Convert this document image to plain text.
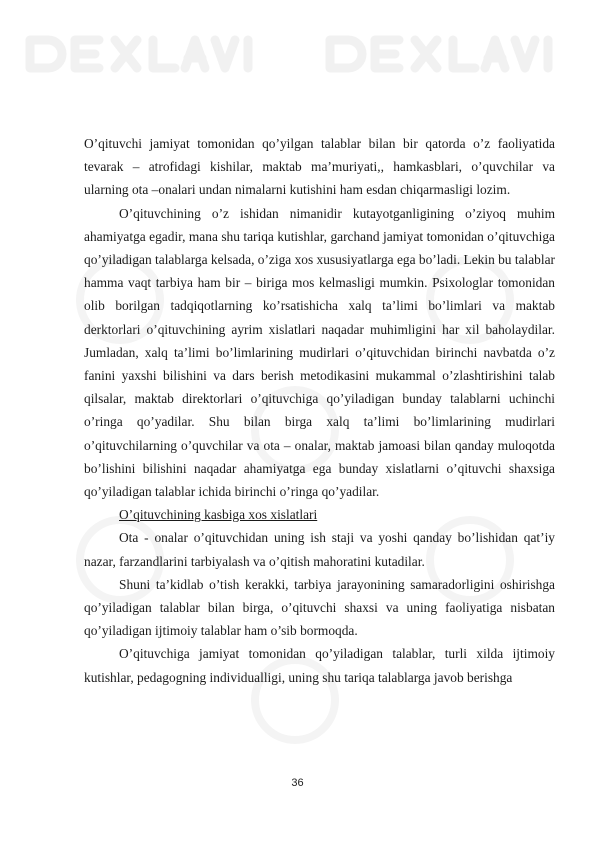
O’qituvchi jamiyat tomonidan qo’yilgan talablar bilan bir qatorda o’z faoliyatida tevarak – atrofidagi kishilar, maktab ma’muriyati,, hamkasblari, o’quvchilar va ularning ota –onalari undan nimalarni kutishini ham esdan chiqarmasligi lozim.

O’qituvchining o’z ishidan nimanidir kutayotganligining o’ziyoq muhim ahamiyatga egadir, mana shu tariqa kutishlar, garchand jamiyat tomonidan o’qituvchiga qo’yiladigan talablarga kelsada, o’ziga xos xususiyatlarga ega bo’ladi. Lekin bu talablar hamma vaqt tarbiya ham bir – biriga mos kelmasligi mumkin. Psixologlar tomonidan olib borilgan tadqiqotlarning ko’rsatishicha xalq ta’limi bo’limlari va maktab derktorlari o’qituvchining ayrim xislatlari naqadar muhimligini har xil baholaydilar. Jumladan, xalq ta’limi bo’limlarining mudirlari o’qituvchidan birinchi navbatda o’z fanini yaxshi bilishini va dars berish metodikasini mukammal o’zlashtirishini talab qilsalar, maktab direktorlari o’qituvchiga qo’yiladigan bunday talablarni uchinchi o’ringa qo’yadilar. Shu bilan birga xalq ta’limi bo’limlarining mudirlari o’qituvchilarning o’quvchilar va ota – onalar, maktab jamoasi bilan qanday muloqotda bo’lishini bilishini naqadar ahamiyatga ega bunday xislatlarni o’qituvchi shaxsiga qo’yiladigan talablar ichida birinchi o’ringa qo’yadilar.

O’qituvchining kasbiga xos xislatlari

Ota - onalar o’qituvchidan uning ish staji va yoshi qanday bo’lishidan qat’iy nazar, farzandlarini tarbiyalash va o’qitish mahoratini kutadilar.

Shuni ta’kidlab o’tish kerakki, tarbiya jarayonining samaradorligini oshirishga qo’yiladigan talablar bilan birga, o’qituvchi shaxsi va uning faoliyatiga nisbatan qo’yiladigan ijtimoiy talablar ham o’sib bormoqda.

O’qituvchiga jamiyat tomonidan qo’yiladigan talablar, turli xilda ijtimoiy kutishlar, pedagogning individualligi, uning shu tariqa talablarga javob berishga

36
